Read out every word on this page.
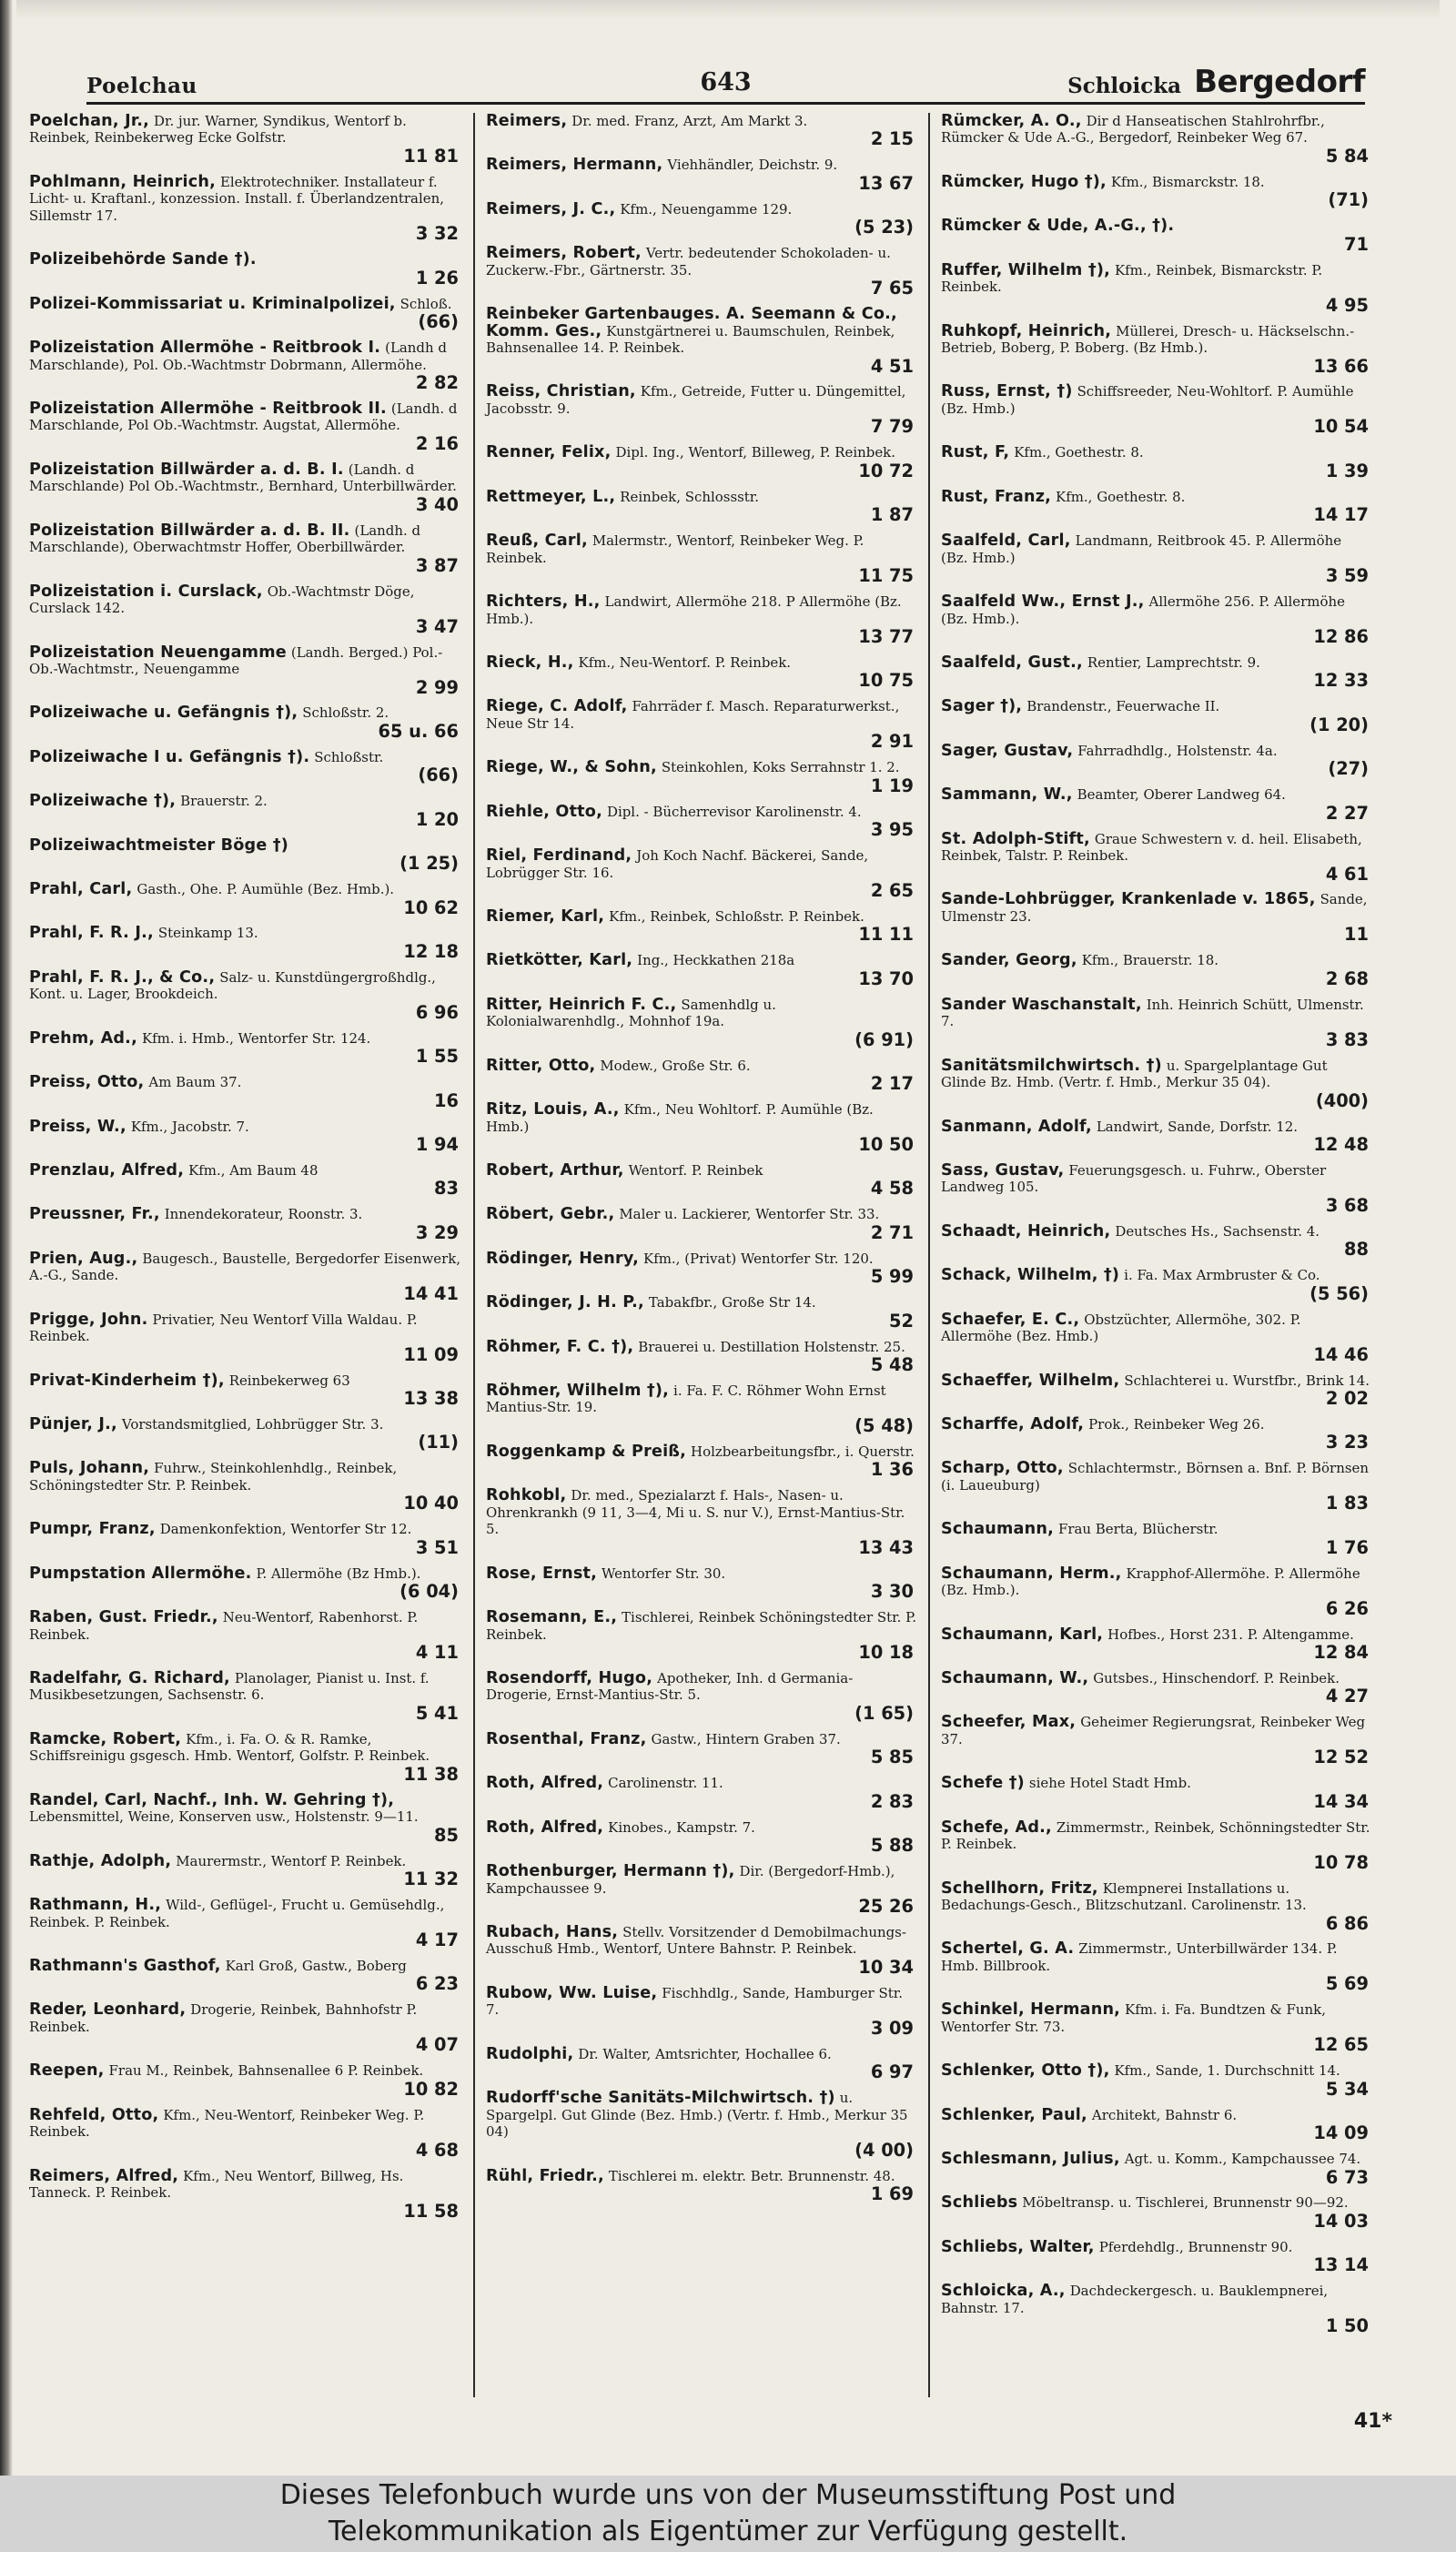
Poelchau	643	Schloicka Bergedorf
Poelchan, Jr., Dr. jur. Warner, Syndikus, Wentorf b. Reinbek, Reinbekerweg Ecke Golfstr.
11 81
Pohlmann, Heinrich, Elektrotechniker. Installateur f. Licht- u. Kraftanl., konzession. Install. f. Überlandzentralen, Sillemstr 17.
3 32
Polizeibehörde Sande †).
1 26
Polizei-Kommissariat u. Kriminalpolizei, Schloß.
(66)
Polizeistation Allermöhe - Reitbrook I. (Landh d Marschlande), Pol. Ob.-Wachtmstr Dobrmann, Allermöhe.
2 82
Polizeistation Allermöhe - Reitbrook II. (Landh. d Marschlande, Pol Ob.-Wachtmstr. Augstat, Allermöhe.
2 16
Polizeistation Billwärder a. d. B. I. (Landh. d Marschlande) Pol Ob.-Wachtmstr., Bernhard, Unterbillwärder.
3 40
Polizeistation Billwärder a. d. B. II. (Landh. d Marschlande), Oberwachtmstr Hoffer, Oberbillwärder.
3 87
Polizeistation i. Curslack, Ob.-Wachtmstr Döge, Curslack 142.
3 47
Polizeistation Neuengamme (Landh. Berged.) Pol.-Ob.-Wachtmstr., Neuengamme
2 99
Polizeiwache u. Gefängnis †), Schloßstr. 2.
65 u. 66
Polizeiwache I u. Gefängnis †). Schloßstr.
(66)
Polizeiwache †), Brauerstr. 2.
1 20
Polizeiwachtmeister Böge †)
(1 25)
Prahl, Carl, Gasth., Ohe. P. Aumühle (Bez. Hmb.).
10 62
Prahl, F. R. J., Steinkamp 13.
12 18
Prahl, F. R. J., & Co., Salz- u. Kunstdüngergroßhdlg., Kont. u. Lager, Brookdeich.
6 96
Prehm, Ad., Kfm. i. Hmb., Wentorfer Str. 124.
1 55
Preiss, Otto, Am Baum 37.
16
Preiss, W., Kfm., Jacobstr. 7.
1 94
Prenzlau, Alfred, Kfm., Am Baum 48
83
Preussner, Fr., Innendekorateur, Roonstr. 3.
3 29
Prien, Aug., Baugesch., Baustelle, Bergedorfer Eisenwerk, A.-G., Sande.
14 41
Prigge, John. Privatier, Neu Wentorf Villa Waldau. P. Reinbek.
11 09
Privat-Kinderheim †), Reinbekerweg 63
13 38
Pünjer, J., Vorstandsmitglied, Lohbrügger Str. 3.
(11)
Puls, Johann, Fuhrw., Steinkohlenhdlg., Reinbek, Schöningstedter Str. P. Reinbek.
10 40
Pumpr, Franz, Damenkonfektion, Wentorfer Str 12.
3 51
Pumpstation Allermöhe. P. Allermöhe (Bz Hmb.).
(6 04)
Raben, Gust. Friedr., Neu-Wentorf, Rabenhorst. P. Reinbek.
4 11
Radelfahr, G. Richard, Planolager, Pianist u. Inst. f. Musikbesetzungen, Sachsenstr. 6.
5 41
Ramcke, Robert, Kfm., i. Fa. O. & R. Ramke, Schiffsreinigu gsgesch. Hmb. Wentorf, Golfstr. P. Reinbek.
11 38
Randel, Carl, Nachf., Inh. W. Gehring †), Lebensmittel, Weine, Konserven usw., Holstenstr. 9—11.
85
Rathje, Adolph, Maurermstr., Wentorf P. Reinbek.
11 32
Rathmann, H., Wild-, Geflügel-, Frucht u. Gemüsehdlg., Reinbek. P. Reinbek.
4 17
Rathmann's Gasthof, Karl Groß, Gastw., Boberg
6 23
Reder, Leonhard, Drogerie, Reinbek, Bahnhofstr P. Reinbek.
4 07
Reepen, Frau M., Reinbek, Bahnsenallee 6 P. Reinbek.
10 82
Rehfeld, Otto, Kfm., Neu-Wentorf, Reinbeker Weg. P. Reinbek.
4 68
Reimers, Alfred, Kfm., Neu Wentorf, Billweg, Hs. Tanneck. P. Reinbek.
11 58
Reimers, Dr. med. Franz, Arzt, Am Markt 3.
2 15
Reimers, Hermann, Viehhändler, Deichstr. 9.
13 67
Reimers, J. C., Kfm., Neuengamme 129.
(5 23)
Reimers, Robert, Vertr. bedeutender Schokoladen- u. Zuckerw.-Fbr., Gärtnerstr. 35.
7 65
Reinbeker Gartenbauges. A. Seemann & Co., Komm. Ges., Kunstgärtnerei u. Baumschulen, Reinbek, Bahnsenallee 14. P. Reinbek.
4 51
Reiss, Christian, Kfm., Getreide, Futter u. Düngemittel, Jacobsstr. 9.
7 79
Renner, Felix, Dipl. Ing., Wentorf, Billeweg, P. Reinbek.
10 72
Rettmeyer, L., Reinbek, Schlossstr.
1 87
Reuß, Carl, Malermstr., Wentorf, Reinbeker Weg. P. Reinbek.
11 75
Richters, H., Landwirt, Allermöhe 218. P Allermöhe (Bz. Hmb.).
13 77
Rieck, H., Kfm., Neu-Wentorf. P. Reinbek.
10 75
Riege, C. Adolf, Fahrräder f. Masch. Reparaturwerkst., Neue Str 14.
2 91
Riege, W., & Sohn, Steinkohlen, Koks Serrahnstr 1. 2.
1 19
Riehle, Otto, Dipl. - Bücherrevisor Karolinenstr. 4.
3 95
Riel, Ferdinand, Joh Koch Nachf. Bäckerei, Sande, Lobrügger Str. 16.
2 65
Riemer, Karl, Kfm., Reinbek, Schloßstr. P. Reinbek.
11 11
Rietkötter, Karl, Ing., Heckkathen 218a
13 70
Ritter, Heinrich F. C., Samenhdlg u. Kolonialwarenhdlg., Mohnhof 19a.
(6 91)
Ritter, Otto, Modew., Große Str. 6.
2 17
Ritz, Louis, A., Kfm., Neu Wohltorf. P. Aumühle (Bz. Hmb.)
10 50
Robert, Arthur, Wentorf. P. Reinbek
4 58
Röbert, Gebr., Maler u. Lackierer, Wentorfer Str. 33.
2 71
Rödinger, Henry, Kfm., (Privat) Wentorfer Str. 120.
5 99
Rödinger, J. H. P., Tabakfbr., Große Str 14.
52
Röhmer, F. C. †), Brauerei u. Destillation Holstenstr. 25.
5 48
Röhmer, Wilhelm †), i. Fa. F. C. Röhmer Wohn Ernst Mantius-Str. 19.
(5 48)
Roggenkamp & Preiß, Holzbearbeitungsfbr., i. Querstr.
1 36
Rohkobl, Dr. med., Spezialarzt f. Hals-, Nasen- u. Ohrenkrankh (9 11, 3—4, Mi u. S. nur V.), Ernst-Mantius-Str. 5.
13 43
Rose, Ernst, Wentorfer Str. 30.
3 30
Rosemann, E., Tischlerei, Reinbek Schöningstedter Str. P. Reinbek.
10 18
Rosendorff, Hugo, Apotheker, Inh. d Germania-Drogerie, Ernst-Mantius-Str. 5.
(1 65)
Rosenthal, Franz, Gastw., Hintern Graben 37.
5 85
Roth, Alfred, Carolinenstr. 11.
2 83
Roth, Alfred, Kinobes., Kampstr. 7.
5 88
Rothenburger, Hermann †), Dir. (Bergedorf-Hmb.), Kampchaussee 9.
25 26
Rubach, Hans, Stellv. Vorsitzender d Demobilmachungs-Ausschuß Hmb., Wentorf, Untere Bahnstr. P. Reinbek.
10 34
Rubow, Ww. Luise, Fischhdlg., Sande, Hamburger Str. 7.
3 09
Rudolphi, Dr. Walter, Amtsrichter, Hochallee 6.
6 97
Rudorff'sche Sanitäts-Milchwirtsch. †) u. Spargelpl. Gut Glinde (Bez. Hmb.) (Vertr. f. Hmb., Merkur 35 04)
(4 00)
Rühl, Friedr., Tischlerei m. elektr. Betr. Brunnenstr. 48.
1 69
Rümcker, A. O., Dir d Hanseatischen Stahlrohrfbr., Rümcker & Ude A.-G., Bergedorf, Reinbeker Weg 67.
5 84
Rümcker, Hugo †), Kfm., Bismarckstr. 18.
(71)
Rümcker & Ude, A.-G., †).
71
Ruffer, Wilhelm †), Kfm., Reinbek, Bismarckstr. P. Reinbek.
4 95
Ruhkopf, Heinrich, Müllerei, Dresch- u. Häckselschn.-Betrieb, Boberg, P. Boberg. (Bz Hmb.).
13 66
Russ, Ernst, †) Schiffsreeder, Neu-Wohltorf. P. Aumühle (Bz. Hmb.)
10 54
Rust, F, Kfm., Goethestr. 8.
1 39
Rust, Franz, Kfm., Goethestr. 8.
14 17
Saalfeld, Carl, Landmann, Reitbrook 45. P. Allermöhe (Bz. Hmb.)
3 59
Saalfeld Ww., Ernst J., Allermöhe 256. P. Allermöhe (Bz. Hmb.).
12 86
Saalfeld, Gust., Rentier, Lamprechtstr. 9.
12 33
Sager †), Brandenstr., Feuerwache II.
(1 20)
Sager, Gustav, Fahrradhdlg., Holstenstr. 4a.
(27)
Sammann, W., Beamter, Oberer Landweg 64.
2 27
St. Adolph-Stift, Graue Schwestern v. d. heil. Elisabeth, Reinbek, Talstr. P. Reinbek.
4 61
Sande-Lohbrügger, Krankenlade v. 1865, Sande, Ulmenstr 23.
11
Sander, Georg, Kfm., Brauerstr. 18.
2 68
Sander Waschanstalt, Inh. Heinrich Schütt, Ulmenstr. 7.
3 83
Sanitätsmilchwirtsch. †) u. Spargelplantage Gut Glinde Bz. Hmb. (Vertr. f. Hmb., Merkur 35 04).
(400)
Sanmann, Adolf, Landwirt, Sande, Dorfstr. 12.
12 48
Sass, Gustav, Feuerungsgesch. u. Fuhrw., Oberster Landweg 105.
3 68
Schaadt, Heinrich, Deutsches Hs., Sachsenstr. 4.
88
Schack, Wilhelm, †) i. Fa. Max Armbruster & Co.
(5 56)
Schaefer, E. C., Obstzüchter, Allermöhe, 302. P. Allermöhe (Bez. Hmb.)
14 46
Schaeffer, Wilhelm, Schlachterei u. Wurstfbr., Brink 14.
2 02
Scharffe, Adolf, Prok., Reinbeker Weg 26.
3 23
Scharp, Otto, Schlachtermstr., Börnsen a. Bnf. P. Börnsen (i. Laueuburg)
1 83
Schaumann, Frau Berta, Blücherstr.
1 76
Schaumann, Herm., Krapphof-Allermöhe. P. Allermöhe (Bz. Hmb.).
6 26
Schaumann, Karl, Hofbes., Horst 231. P. Altengamme.
12 84
Schaumann, W., Gutsbes., Hinschendorf. P. Reinbek.
4 27
Scheefer, Max, Geheimer Regierungsrat, Reinbeker Weg 37.
12 52
Schefe †) siehe Hotel Stadt Hmb.
14 34
Schefe, Ad., Zimmermstr., Reinbek, Schönningstedter Str. P. Reinbek.
10 78
Schellhorn, Fritz, Klempnerei Installations u. Bedachungs-Gesch., Blitzschutzanl. Carolinenstr. 13.
6 86
Schertel, G. A. Zimmermstr., Unterbillwärder 134. P. Hmb. Billbrook.
5 69
Schinkel, Hermann, Kfm. i. Fa. Bundtzen & Funk, Wentorfer Str. 73.
12 65
Schlenker, Otto †), Kfm., Sande, 1. Durchschnitt 14.
5 34
Schlenker, Paul, Architekt, Bahnstr 6.
14 09
Schlesmann, Julius, Agt. u. Komm., Kampchaussee 74.
6 73
Schliebs Möbeltransp. u. Tischlerei, Brunnenstr 90—92.
14 03
Schliebs, Walter, Pferdehdlg., Brunnenstr 90.
13 14
Schloicka, A., Dachdeckergesch. u. Bauklempnerei, Bahnstr. 17.
1 50
41*
Dieses Telefonbuch wurde uns von der Museumsstiftung Post und
Telekommunikation als Eigentümer zur Verfügung gestellt.
